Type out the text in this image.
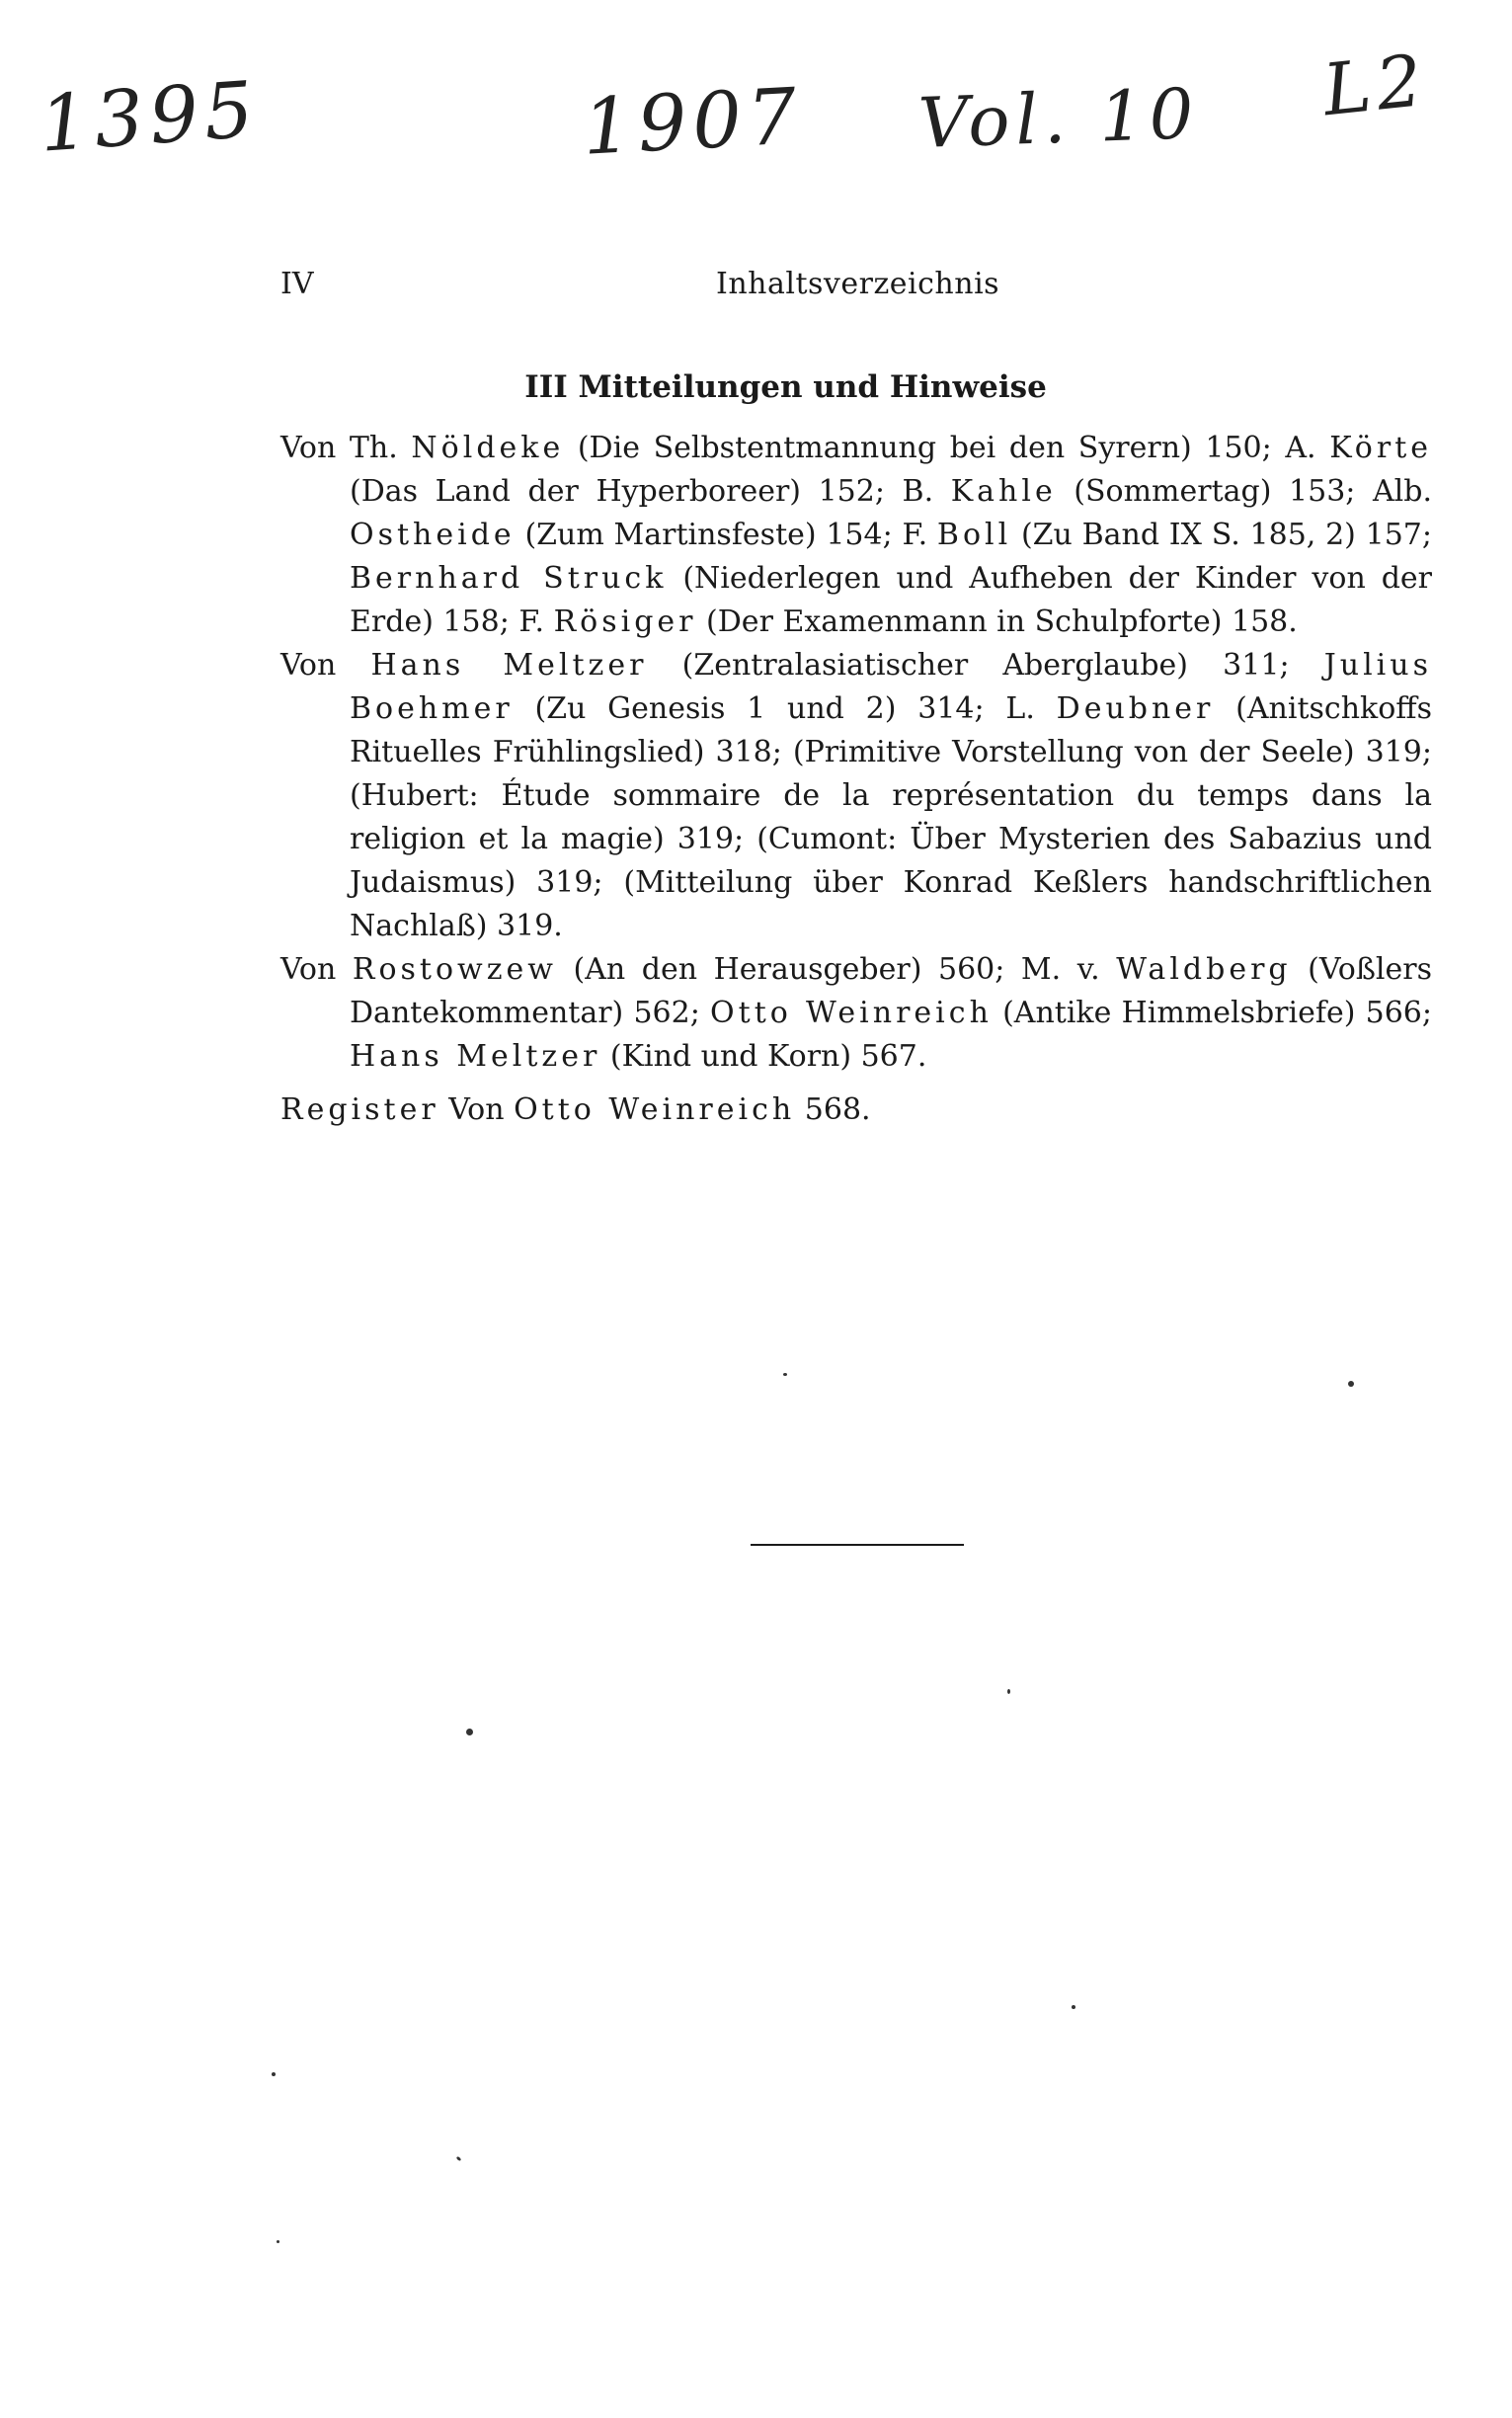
1395	1907 Vol. 10 L2
IV	Inhaltsverzeichnis
III Mitteilungen und Hinweise

Von Th. Nöldeke (Die Selbstentmannung bei den Syrern) 150; A. Körte (Das Land der Hyperboreer) 152; B. Kahle (Sommertag) 153; Alb. Ostheide (Zum Martinsfeste) 154; F. Boll (Zu Band IX S. 185, 2) 157; Bernhard Struck (Niederlegen und Aufheben der Kinder von der Erde) 158; F. Rösiger (Der Examenmann in Schulpforte) 158.

Von Hans Meltzer (Zentralasiatischer Aberglaube) 311; Julius Boehmer (Zu Genesis 1 und 2) 314; L. Deubner (Anitschkoffs Rituelles Frühlingslied) 318; (Primitive Vorstellung von der Seele) 319; (Hubert: Étude sommaire de la représentation du temps dans la religion et la magie) 319; (Cumont: Über Mysterien des Sabazius und Judaismus) 319; (Mitteilung über Konrad Keßlers handschriftlichen Nachlaß) 319.

Von Rostowzew (An den Herausgeber) 560; M. v. Waldberg (Voßlers Dantekommentar) 562; Otto Weinreich (Antike Himmelsbriefe) 566; Hans Meltzer (Kind und Korn) 567.

Register Von Otto Weinreich 568.
